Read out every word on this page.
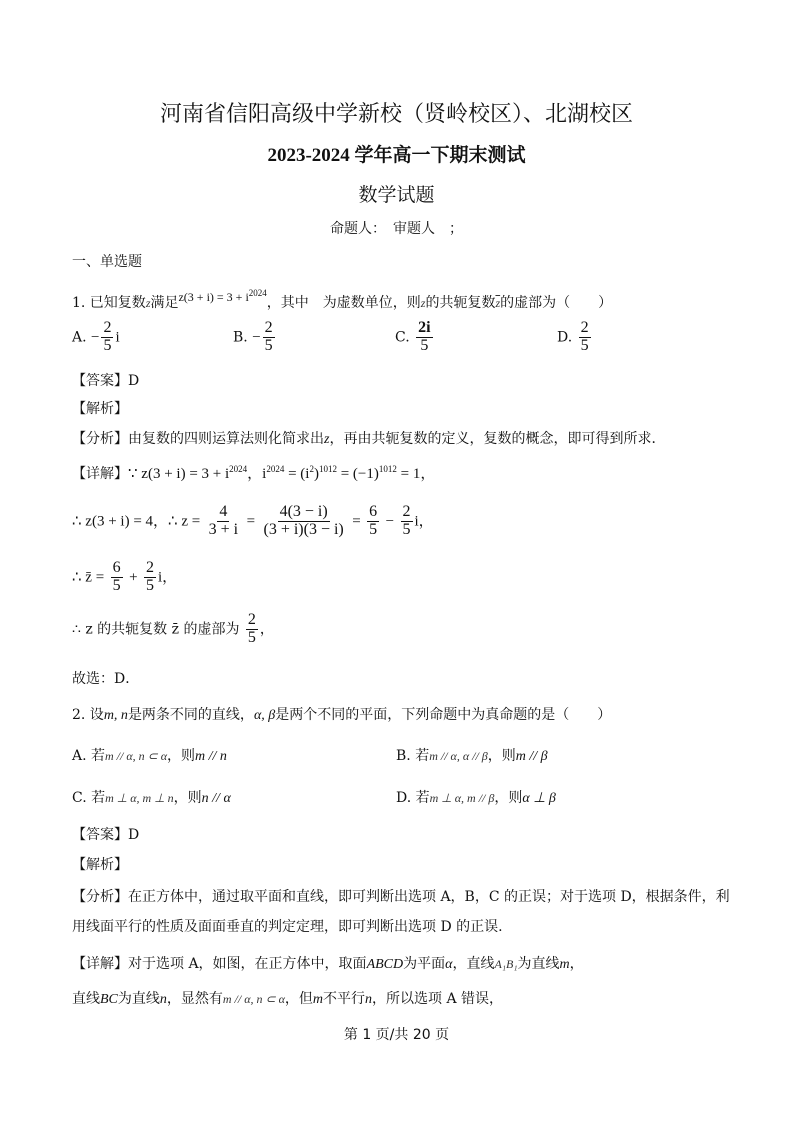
河南省信阳高级中学新校（贤岭校区）、北湖校区
2023-2024 学年高一下期末测试
数学试题
命题人：　审题人　；
一、单选题
1. 已知复数z满足$z(3 + i) = 3 + i^{2024}$，其中　为虚数单位，则z的共轭复数$\overline{z}$的虚部为（　　）
A. − $\frac{2}{5}$ i	B. − $\frac{2}{5}$	C. $\frac{2i}{5}$	D. $\frac{2}{5}$
【答案】D
【解析】
【分析】由复数的四则运算法则化简求出z，再由共轭复数的定义，复数的概念，即可得到所求．
【详解】∵ $z(3 + i) = 3 + i^{2024}$，$i^{2024} = (i^2)^{1012} = (-1)^{1012} = 1$，
∴ z(3 + i) = 4，∴ $z = \frac{4}{3 + i} = \frac{4(3 - i)}{(3 + i)(3 - i)} = \frac{6}{5} - \frac{2}{5}$ i，
∴ z̄ = $\frac{6}{5} + \frac{2}{5}$ i，
∴ z 的共轭复数 z̄ 的虚部为 $\frac{2}{5}$ ，
故选：D．
2. 设m, n是两条不同的直线，α, β是两个不同的平面，下列命题中为真命题的是（　　）
A. 若m // α, n ⊂ α，则m // n	B. 若m // α, α // β，则m // β
C. 若m ⊥ α, m ⊥ n，则n // α	D. 若m ⊥ α, m // β，则α ⊥ β
【答案】D
【解析】
【分析】在正方体中，通过取平面和直线，即可判断出选项 A，B，C 的正误；对于选项 D，根据条件，利
用线面平行的性质及面面垂直的判定定理，即可判断出选项 D 的正误.
【详解】对于选项 A，如图，在正方体中，取面ABCD为平面α，直线A₁B₁为直线m，
直线BC为直线n，显然有m // α, n ⊂ α，但m不平行n，所以选项 A 错误，
第 1 页/共 20 页
